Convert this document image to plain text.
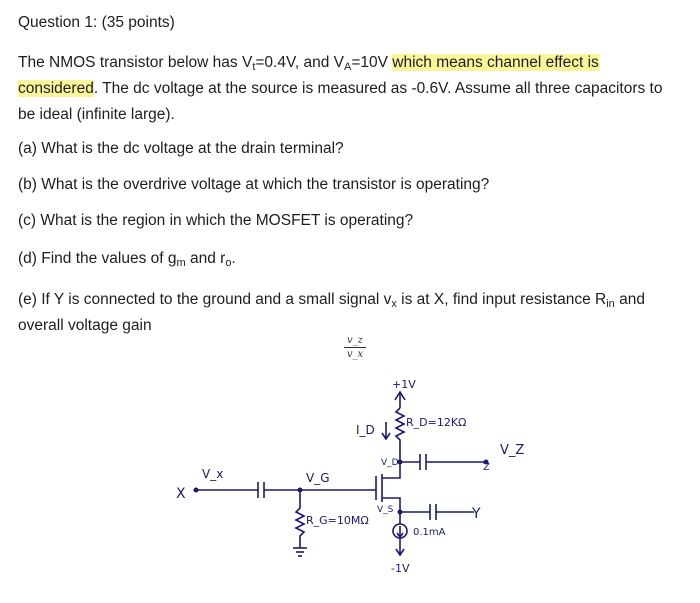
Question 1: (35 points)
The NMOS transistor below has $V_t=0.4V$, and $V_A=10V$ which means channel effect is considered. The dc voltage at the source is measured as -0.6V. Assume all three capacitors to be ideal (infinite large).
(a) What is the dc voltage at the drain terminal?
(b) What is the overdrive voltage at which the transistor is operating?
(c) What is the region in which the MOSFET is operating?
(d) Find the values of $g_m$ and $r_o$.
(e) If Y is connected to the ground and a small signal $v_x$ is at X, find input resistance $R_{in}$ and overall voltage gain
v_z
v_x
+1V
I_D
R_D=12KΩ
V_D	Z
V_Z
V_x
X
V_G
R_G=10MΩ
V_S	Y
0.1mA
-1V
